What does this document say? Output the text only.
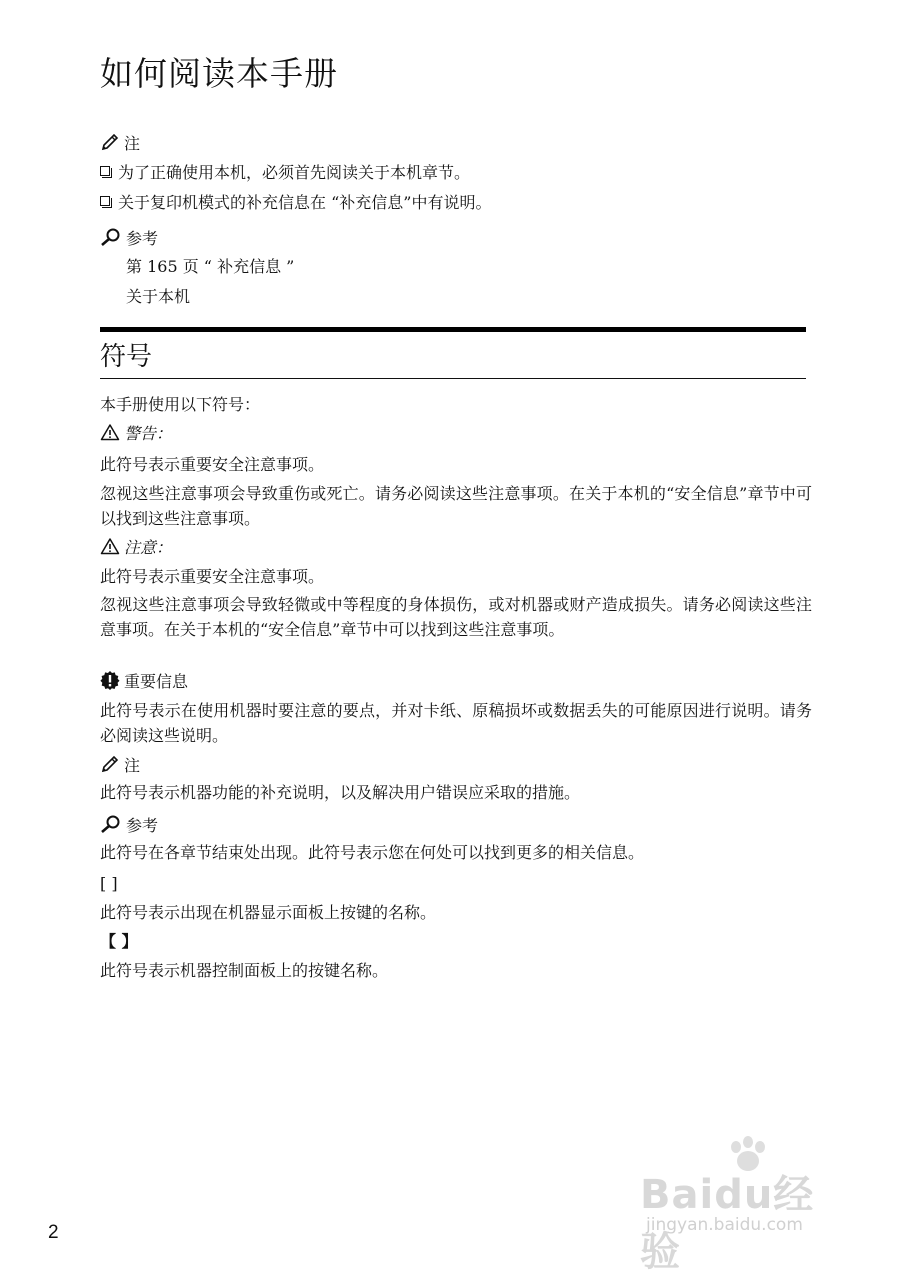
如何阅读本手册
注
为了正确使用本机，必须首先阅读关于本机章节。
关于复印机模式的补充信息在 “补充信息”中有说明。
参考
第 165 页 “ 补充信息 ”
关于本机
符号
本手册使用以下符号：
警告：
此符号表示重要安全注意事项。
忽视这些注意事项会导致重伤或死亡。请务必阅读这些注意事项。在关于本机的“安全信息”章节中可以找到这些注意事项。
注意：
此符号表示重要安全注意事项。
忽视这些注意事项会导致轻微或中等程度的身体损伤，或对机器或财产造成损失。请务必阅读这些注意事项。在关于本机的“安全信息”章节中可以找到这些注意事项。
重要信息
此符号表示在使用机器时要注意的要点，并对卡纸、原稿损坏或数据丢失的可能原因进行说明。请务必阅读这些说明。
注
此符号表示机器功能的补充说明，以及解决用户错误应采取的措施。
参考
此符号在各章节结束处出现。此符号表示您在何处可以找到更多的相关信息。
[ ]
此符号表示出现在机器显示面板上按键的名称。
【 】
此符号表示机器控制面板上的按键名称。
2
Baidu经验
jingyan.baidu.com
